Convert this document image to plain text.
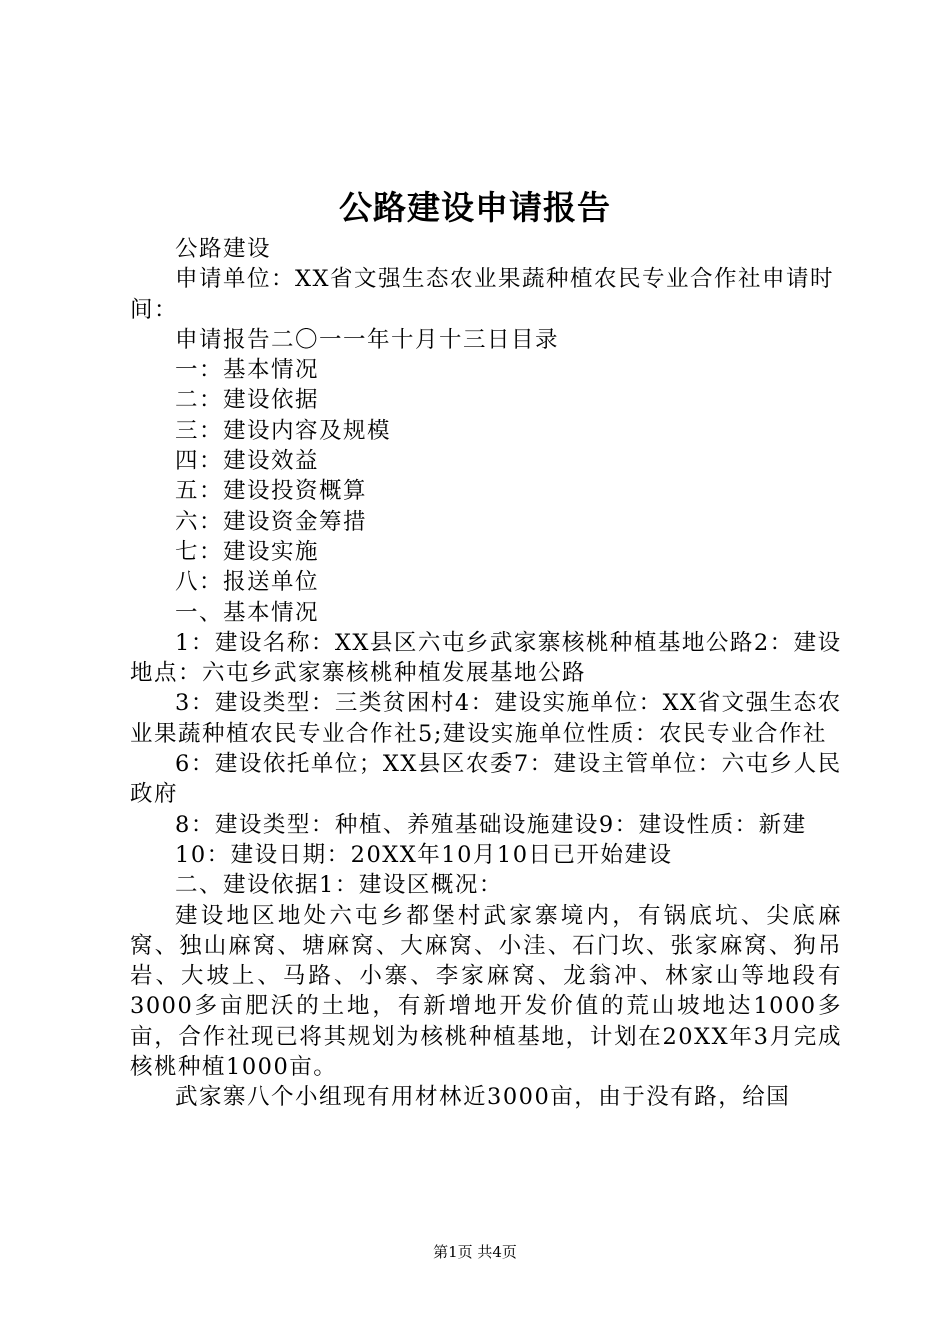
公路建设申请报告

公路建设

申请单位：XX省文强生态农业果蔬种植农民专业合作社申请时间：

申请报告二〇一一年十月十三日目录

一：基本情况

二：建设依据

三：建设内容及规模

四：建设效益

五：建设投资概算

六：建设资金筹措

七：建设实施

八：报送单位

一、基本情况

1：建设名称：XX县区六屯乡武家寨核桃种植基地公路2：建设地点：六屯乡武家寨核桃种植发展基地公路

3：建设类型：三类贫困村4：建设实施单位：XX省文强生态农业果蔬种植农民专业合作社5;建设实施单位性质：农民专业合作社

6：建设依托单位；XX县区农委7：建设主管单位：六屯乡人民政府

8：建设类型：种植、养殖基础设施建设9：建设性质：新建

10：建设日期：20XX年10月10日已开始建设

二、建设依据1：建设区概况：

建设地区地处六屯乡都堡村武家寨境内，有锅底坑、尖底麻窝、独山麻窝、塘麻窝、大麻窝、小洼、石门坎、张家麻窝、狗吊岩、大坡上、马路、小寨、李家麻窝、龙翁冲、林家山等地段有3000多亩肥沃的土地，有新增地开发价值的荒山坡地达1000多亩，合作社现已将其规划为核桃种植基地，计划在20XX年3月完成核桃种植1000亩。

武家寨八个小组现有用材林近3000亩，由于没有路，给国

第1页 共4页
